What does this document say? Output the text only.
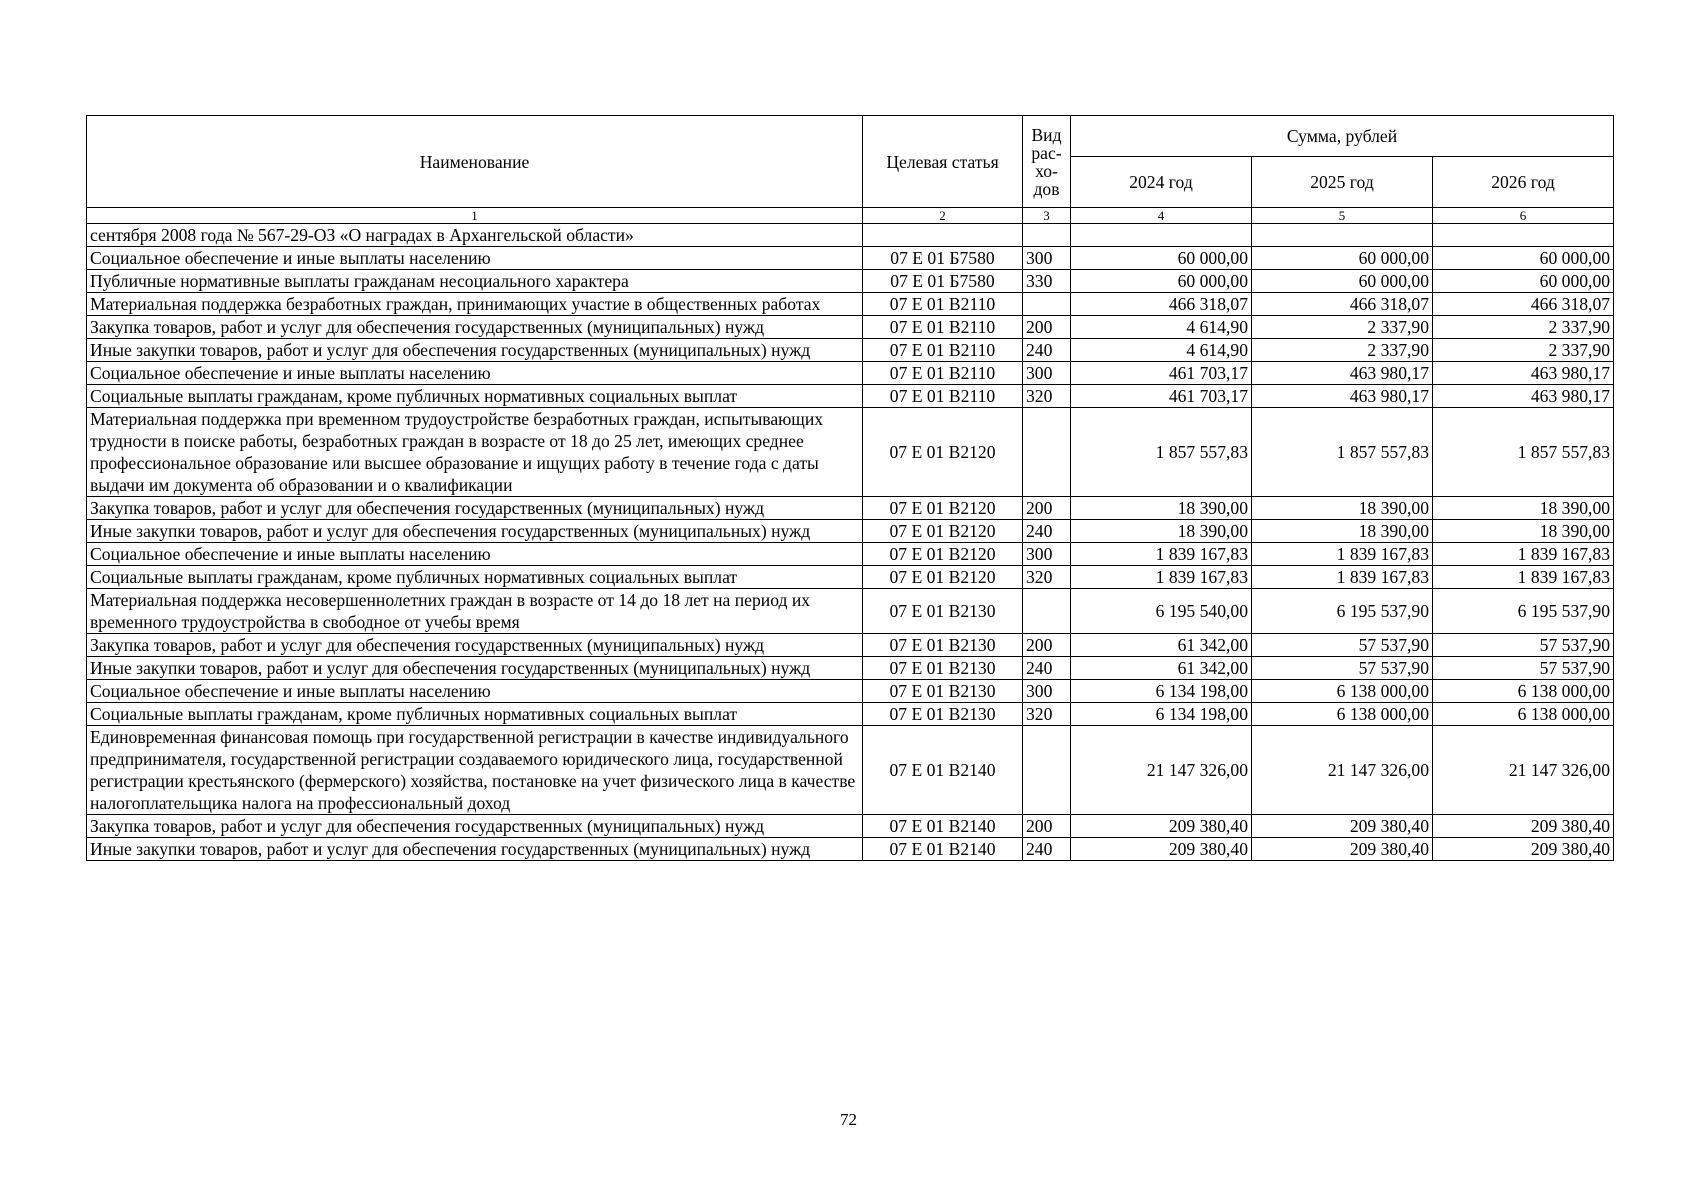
Наименование	Целевая статья	Вид рас-хо-дов	Сумма, рублей		
			2024 год	2025 год	2026 год
1	2	3	4	5	6
сентября 2008 года № 567-29-ОЗ «О наградах в Архангельской области»					
Социальное обеспечение и иные выплаты населению	07 Е 01 Б7580	300	60 000,00	60 000,00	60 000,00
Публичные нормативные выплаты гражданам несоциального характера	07 Е 01 Б7580	330	60 000,00	60 000,00	60 000,00
Материальная поддержка безработных граждан, принимающих участие в общественных работах	07 Е 01 В2110		466 318,07	466 318,07	466 318,07
Закупка товаров, работ и услуг для обеспечения государственных (муниципальных) нужд	07 Е 01 В2110	200	4 614,90	2 337,90	2 337,90
Иные закупки товаров, работ и услуг для обеспечения государственных (муниципальных) нужд	07 Е 01 В2110	240	4 614,90	2 337,90	2 337,90
Социальное обеспечение и иные выплаты населению	07 Е 01 В2110	300	461 703,17	463 980,17	463 980,17
Социальные выплаты гражданам, кроме публичных нормативных социальных выплат	07 Е 01 В2110	320	461 703,17	463 980,17	463 980,17
Материальная поддержка при временном трудоустройстве безработных граждан, испытывающих трудности в поиске работы, безработных граждан в возрасте от 18 до 25 лет, имеющих среднее профессиональное образование или высшее образование и ищущих работу в течение года с даты выдачи им документа об образовании и о квалификации	07 Е 01 В2120		1 857 557,83	1 857 557,83	1 857 557,83
Закупка товаров, работ и услуг для обеспечения государственных (муниципальных) нужд	07 Е 01 В2120	200	18 390,00	18 390,00	18 390,00
Иные закупки товаров, работ и услуг для обеспечения государственных (муниципальных) нужд	07 Е 01 В2120	240	18 390,00	18 390,00	18 390,00
Социальное обеспечение и иные выплаты населению	07 Е 01 В2120	300	1 839 167,83	1 839 167,83	1 839 167,83
Социальные выплаты гражданам, кроме публичных нормативных социальных выплат	07 Е 01 В2120	320	1 839 167,83	1 839 167,83	1 839 167,83
Материальная поддержка несовершеннолетних граждан в возрасте от 14 до 18 лет на период их временного трудоустройства в свободное от учебы время	07 Е 01 В2130		6 195 540,00	6 195 537,90	6 195 537,90
Закупка товаров, работ и услуг для обеспечения государственных (муниципальных) нужд	07 Е 01 В2130	200	61 342,00	57 537,90	57 537,90
Иные закупки товаров, работ и услуг для обеспечения государственных (муниципальных) нужд	07 Е 01 В2130	240	61 342,00	57 537,90	57 537,90
Социальное обеспечение и иные выплаты населению	07 Е 01 В2130	300	6 134 198,00	6 138 000,00	6 138 000,00
Социальные выплаты гражданам, кроме публичных нормативных социальных выплат	07 Е 01 В2130	320	6 134 198,00	6 138 000,00	6 138 000,00
Единовременная финансовая помощь при государственной регистрации в качестве индивидуального предпринимателя, государственной регистрации создаваемого юридического лица, государственной регистрации крестьянского (фермерского) хозяйства, постановке на учет физического лица в качестве налогоплательщика налога на профессиональный доход	07 Е 01 В2140		21 147 326,00	21 147 326,00	21 147 326,00
Закупка товаров, работ и услуг для обеспечения государственных (муниципальных) нужд	07 Е 01 В2140	200	209 380,40	209 380,40	209 380,40
Иные закупки товаров, работ и услуг для обеспечения государственных (муниципальных) нужд	07 Е 01 В2140	240	209 380,40	209 380,40	209 380,40
72
